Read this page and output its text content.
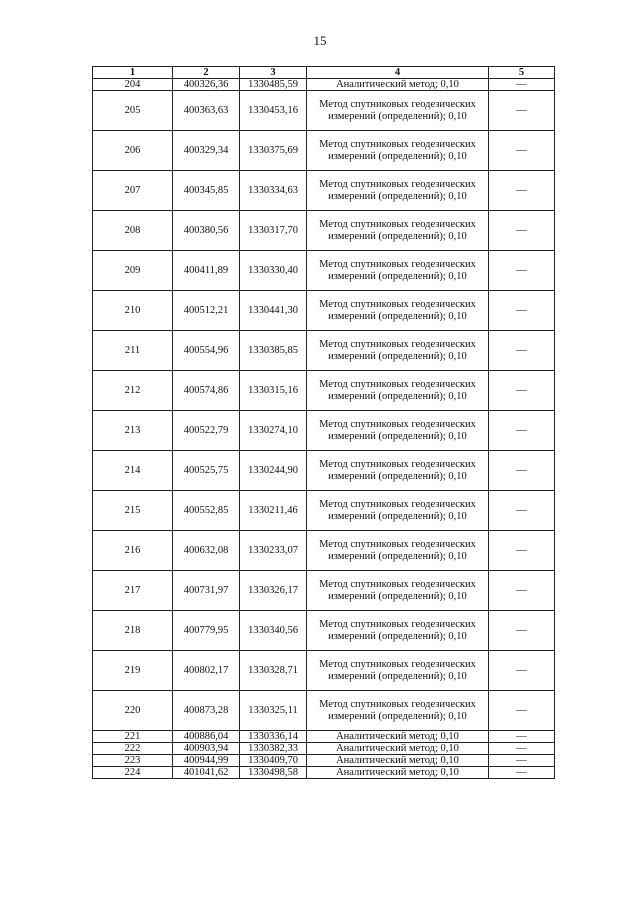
15
1	2	3	4	5
204	400326,36	1330485,59	Аналитический метод; 0,10	—
205	400363,63	1330453,16	Метод спутниковых геодезических измерений (определений); 0,10	—
206	400329,34	1330375,69	Метод спутниковых геодезических измерений (определений); 0,10	—
207	400345,85	1330334,63	Метод спутниковых геодезических измерений (определений); 0,10	—
208	400380,56	1330317,70	Метод спутниковых геодезических измерений (определений); 0,10	—
209	400411,89	1330330,40	Метод спутниковых геодезических измерений (определений); 0,10	—
210	400512,21	1330441,30	Метод спутниковых геодезических измерений (определений); 0,10	—
211	400554,96	1330385,85	Метод спутниковых геодезических измерений (определений); 0,10	—
212	400574,86	1330315,16	Метод спутниковых геодезических измерений (определений); 0,10	—
213	400522,79	1330274,10	Метод спутниковых геодезических измерений (определений); 0,10	—
214	400525,75	1330244,90	Метод спутниковых геодезических измерений (определений); 0,10	—
215	400552,85	1330211,46	Метод спутниковых геодезических измерений (определений); 0,10	—
216	400632,08	1330233,07	Метод спутниковых геодезических измерений (определений); 0,10	—
217	400731,97	1330326,17	Метод спутниковых геодезических измерений (определений); 0,10	—
218	400779,95	1330340,56	Метод спутниковых геодезических измерений (определений); 0,10	—
219	400802,17	1330328,71	Метод спутниковых геодезических измерений (определений); 0,10	—
220	400873,28	1330325,11	Метод спутниковых геодезических измерений (определений); 0,10	—
221	400886,04	1330336,14	Аналитический метод; 0,10	—
222	400903,94	1330382,33	Аналитический метод; 0,10	—
223	400944,99	1330409,70	Аналитический метод; 0,10	—
224	401041,62	1330498,58	Аналитический метод; 0,10	—
